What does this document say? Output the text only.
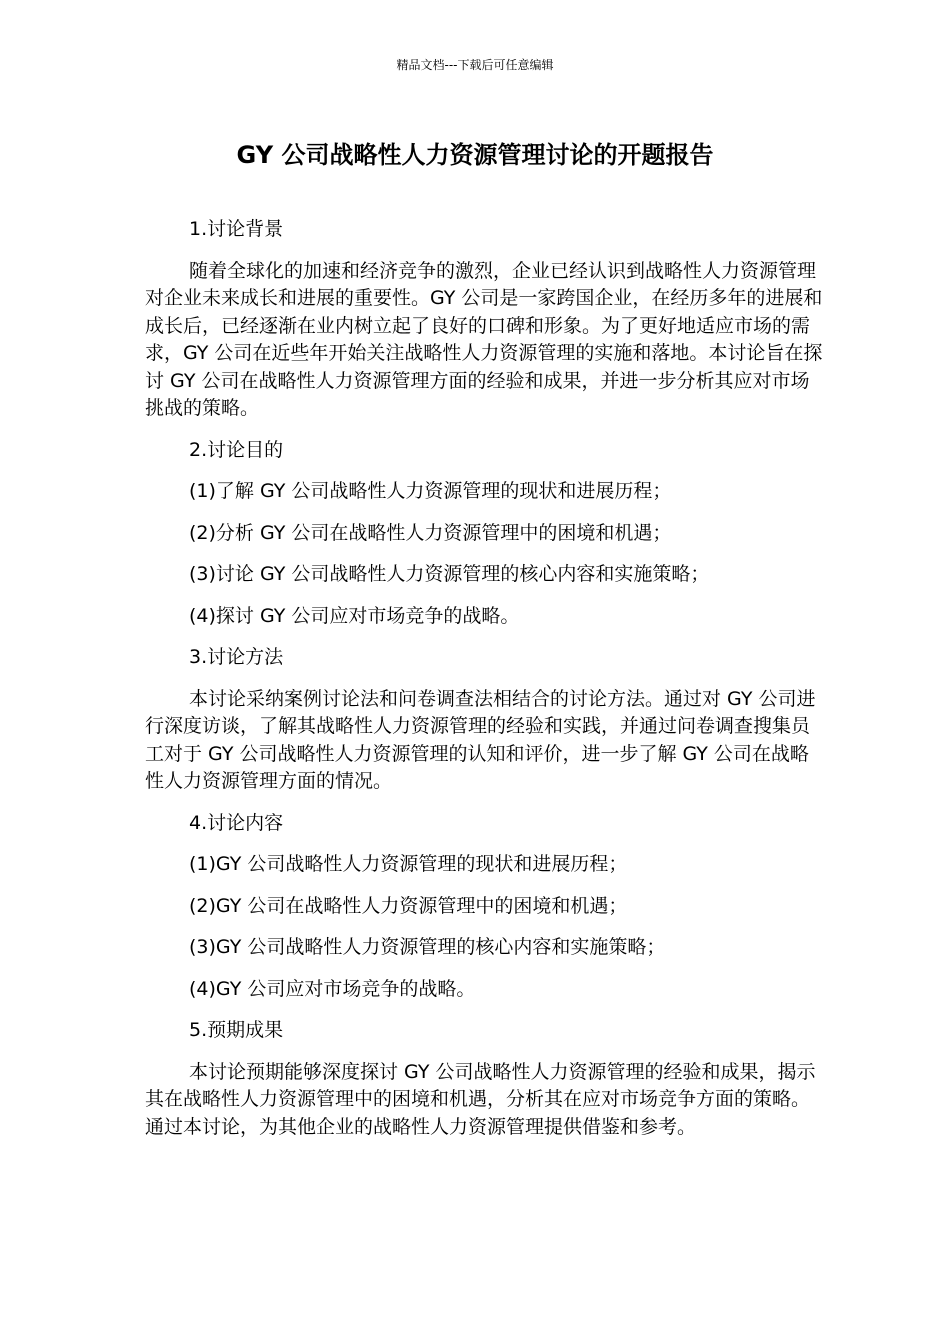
精品文档---下载后可任意编辑
GY 公司战略性人力资源管理讨论的开题报告
1.讨论背景

随着全球化的加速和经济竞争的激烈，企业已经认识到战略性人力资源管理对企业未来成长和进展的重要性。GY 公司是一家跨国企业，在经历多年的进展和成长后，已经逐渐在业内树立起了良好的口碑和形象。为了更好地适应市场的需求，GY 公司在近些年开始关注战略性人力资源管理的实施和落地。本讨论旨在探讨 GY 公司在战略性人力资源管理方面的经验和成果，并进一步分析其应对市场挑战的策略。

2.讨论目的
(1)了解 GY 公司战略性人力资源管理的现状和进展历程；
(2)分析 GY 公司在战略性人力资源管理中的困境和机遇；
(3)讨论 GY 公司战略性人力资源管理的核心内容和实施策略；
(4)探讨 GY 公司应对市场竞争的战略。
3.讨论方法

本讨论采纳案例讨论法和问卷调查法相结合的讨论方法。通过对 GY 公司进行深度访谈，了解其战略性人力资源管理的经验和实践，并通过问卷调查搜集员工对于 GY 公司战略性人力资源管理的认知和评价，进一步了解 GY 公司在战略性人力资源管理方面的情况。

4.讨论内容
(1)GY 公司战略性人力资源管理的现状和进展历程；
(2)GY 公司在战略性人力资源管理中的困境和机遇；
(3)GY 公司战略性人力资源管理的核心内容和实施策略；
(4)GY 公司应对市场竞争的战略。
5.预期成果

本讨论预期能够深度探讨 GY 公司战略性人力资源管理的经验和成果，揭示其在战略性人力资源管理中的困境和机遇，分析其在应对市场竞争方面的策略。通过本讨论，为其他企业的战略性人力资源管理提供借鉴和参考。
